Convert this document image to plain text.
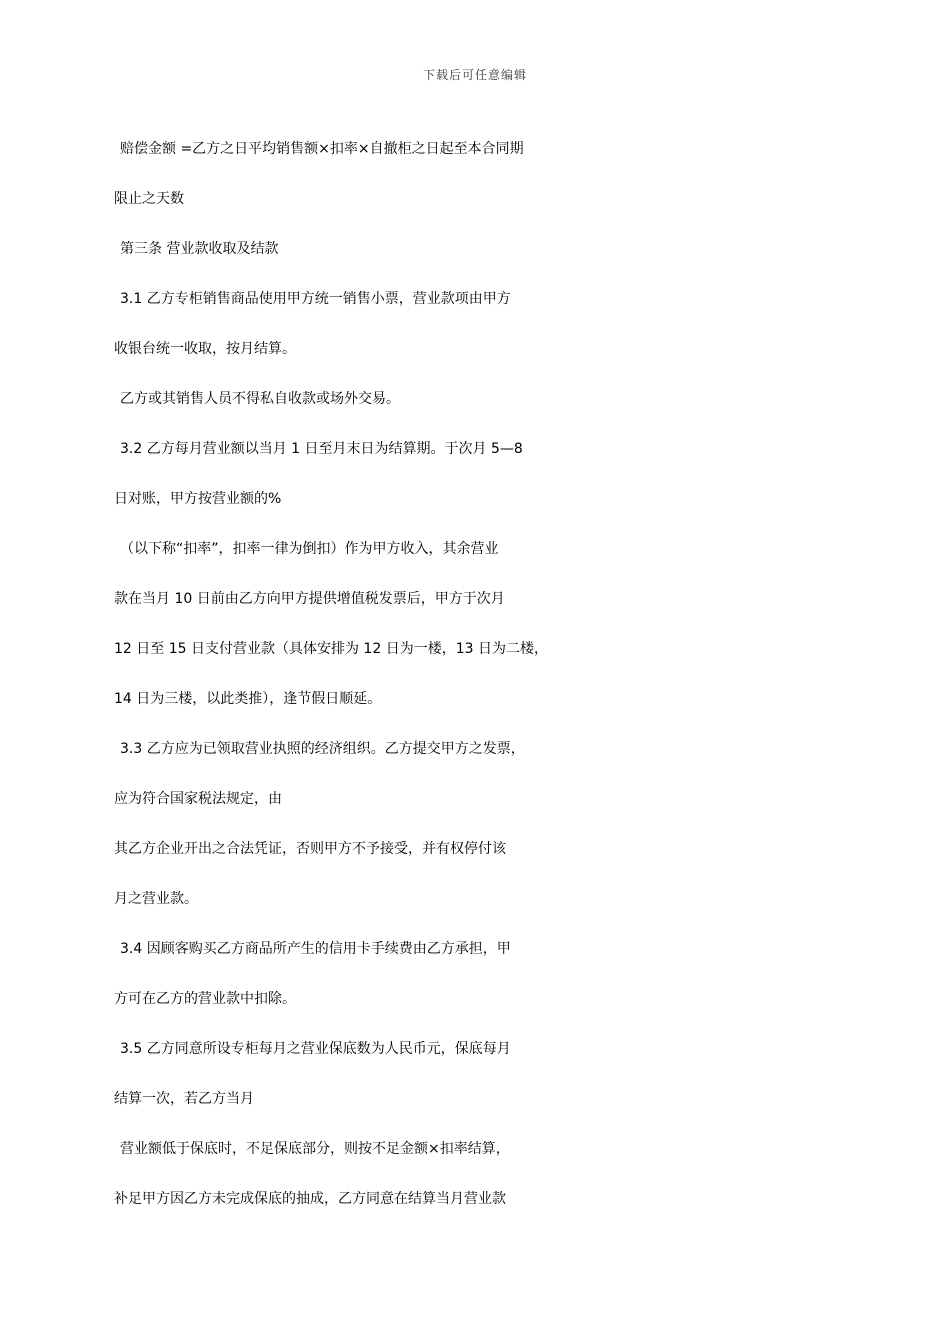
下载后可任意编辑
赔偿金额 =乙方之日平均销售额×扣率×自撤柜之日起至本合同期
限止之天数
第三条 营业款收取及结款
3.1 乙方专柜销售商品使用甲方统一销售小票，营业款项由甲方
收银台统一收取，按月结算。
乙方或其销售人员不得私自收款或场外交易。
3.2 乙方每月营业额以当月 1 日至月末日为结算期。于次月 5—8
日对账，甲方按营业额的%
（以下称“扣率”，扣率一律为倒扣）作为甲方收入，其余营业
款在当月 10 日前由乙方向甲方提供增值税发票后，甲方于次月
12 日至 15 日支付营业款（具体安排为 12 日为一楼，13 日为二楼，
14 日为三楼，以此类推），逢节假日顺延。
3.3 乙方应为已领取营业执照的经济组织。乙方提交甲方之发票，
应为符合国家税法规定，由
其乙方企业开出之合法凭证，否则甲方不予接受，并有权停付该
月之营业款。
3.4 因顾客购买乙方商品所产生的信用卡手续费由乙方承担，甲
方可在乙方的营业款中扣除。
3.5 乙方同意所设专柜每月之营业保底数为人民币元，保底每月
结算一次，若乙方当月
营业额低于保底时，不足保底部分，则按不足金额×扣率结算，
补足甲方因乙方未完成保底的抽成，乙方同意在结算当月营业款
